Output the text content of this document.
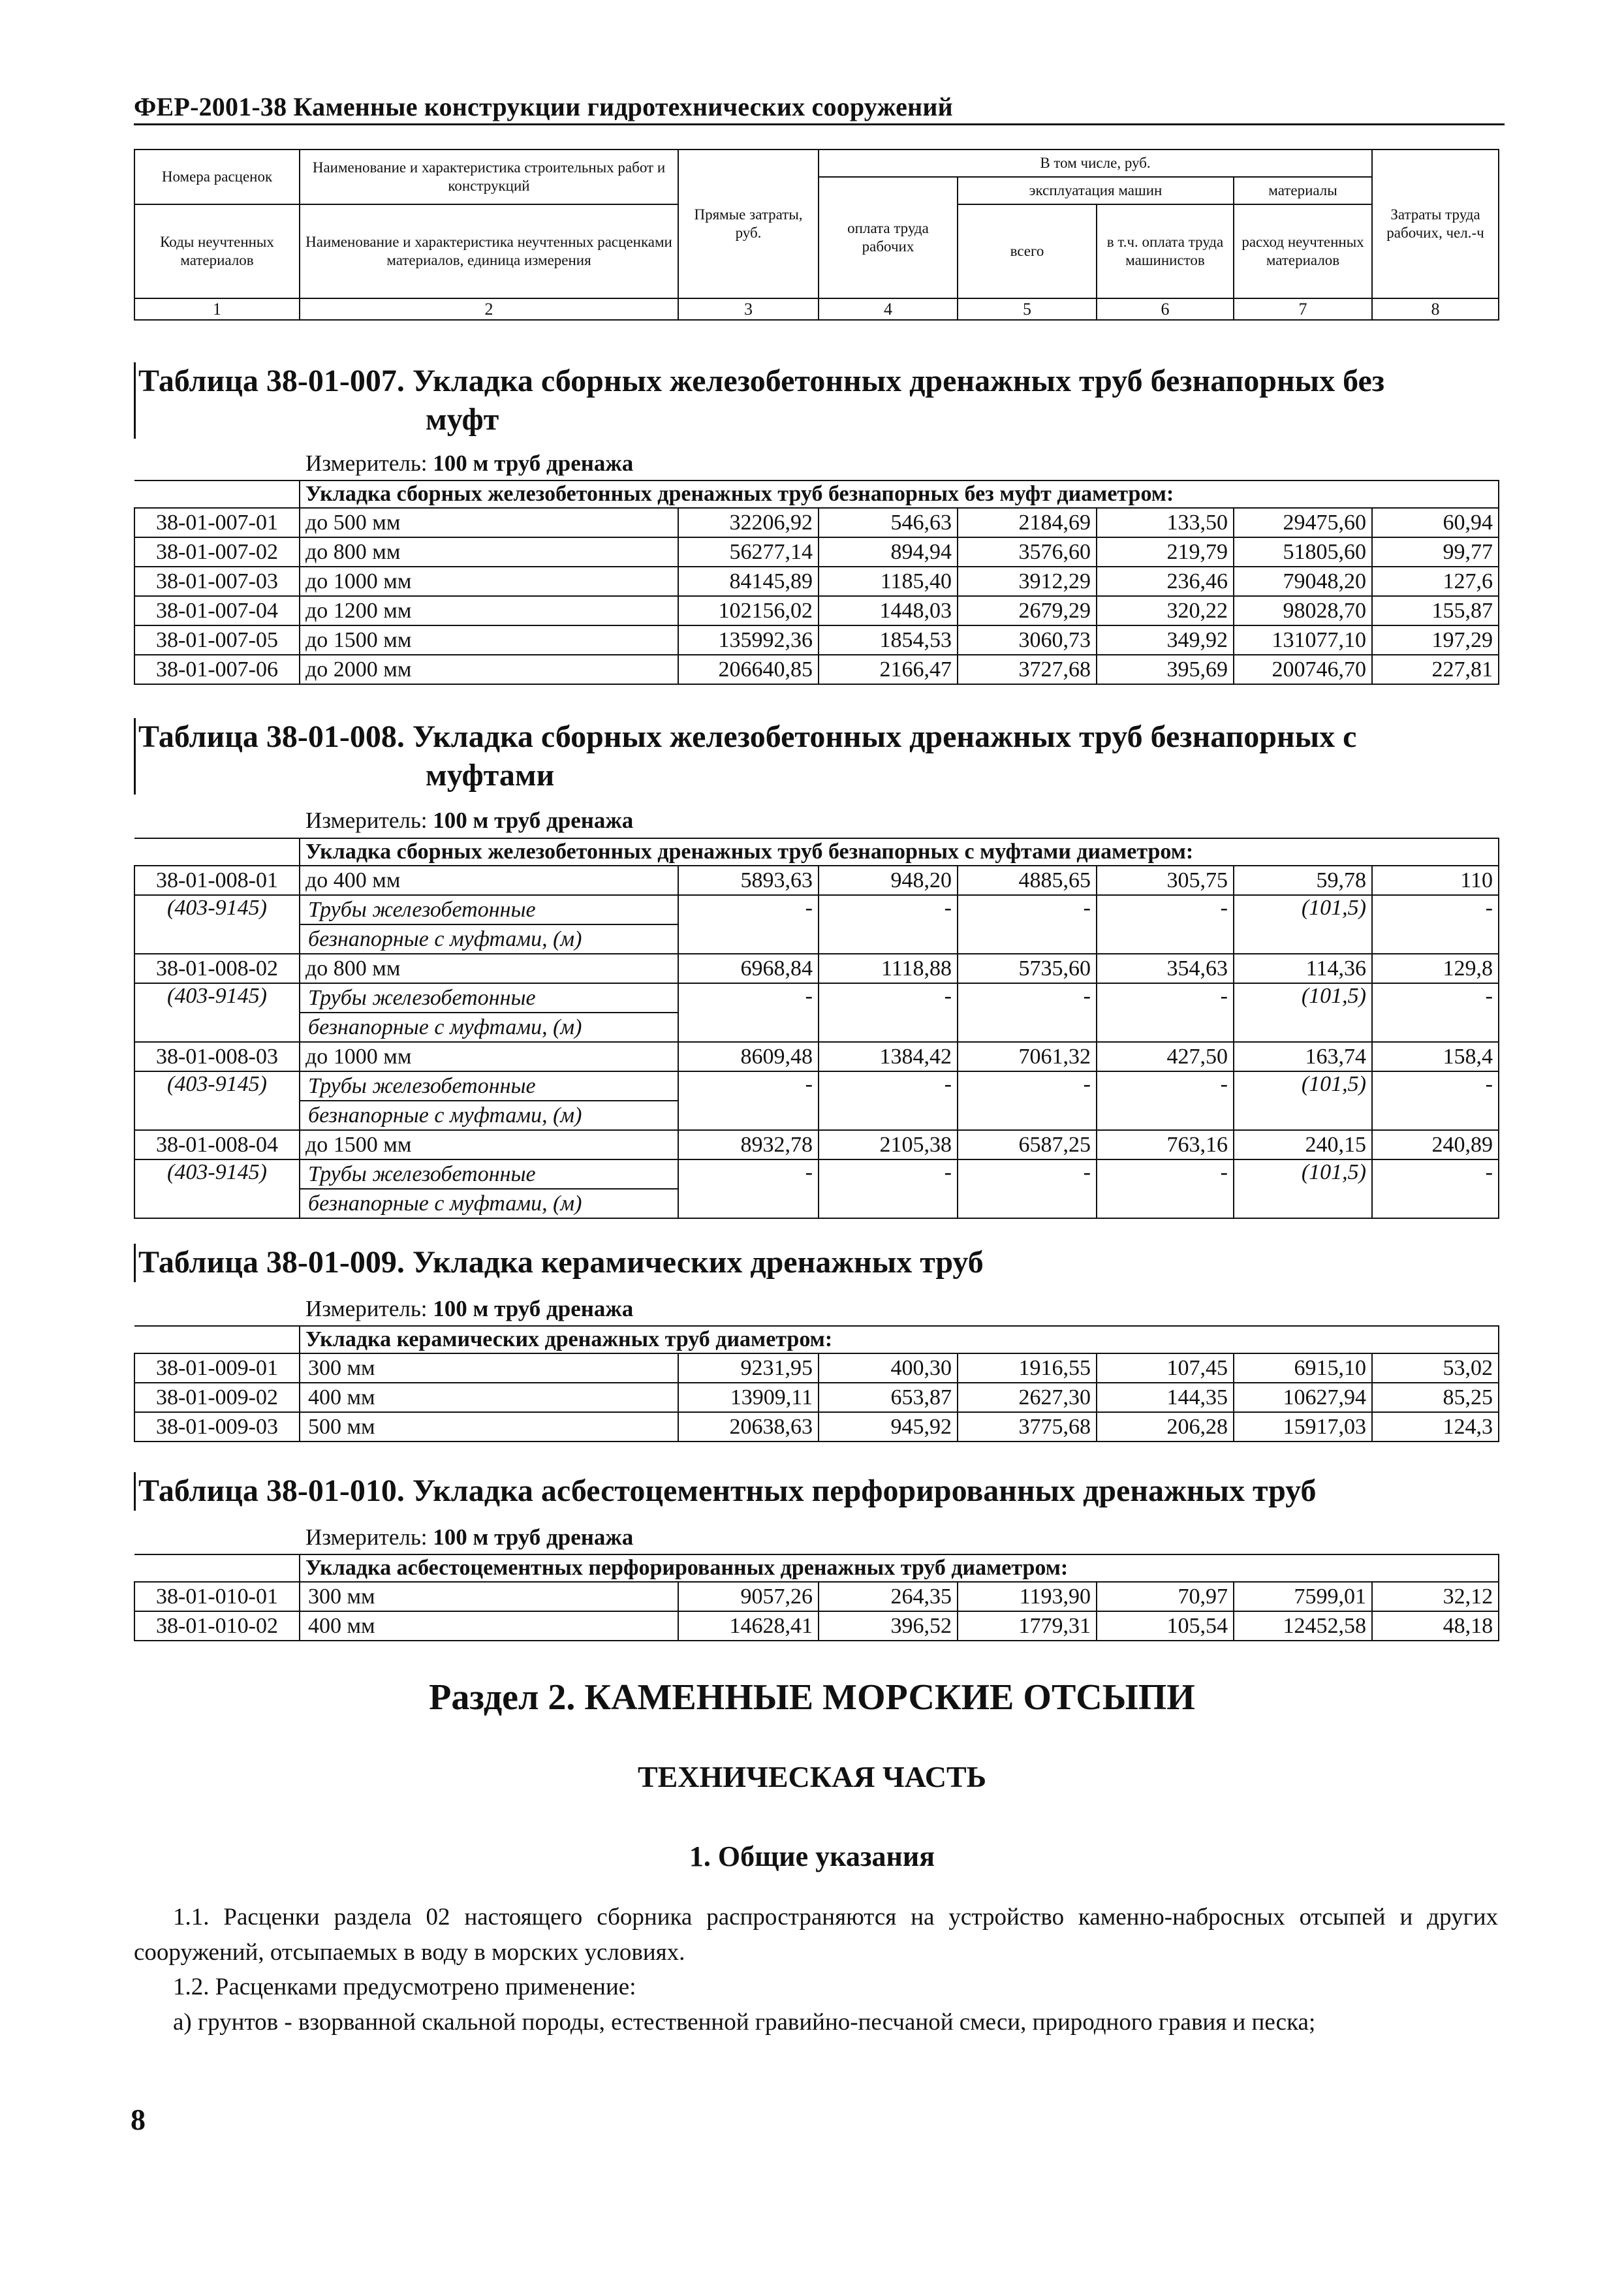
ФЕР-2001-38 Каменные конструкции гидротехнических сооружений
Номера расценок	Наименование и характеристика строительных работ и конструкций	Прямые затраты, руб.	В том числе, руб.				Затраты труда рабочих, чел.-ч
			оплата труда рабочих	эксплуатация машин		материалы	
Коды неучтенных материалов	Наименование и характеристика неучтенных расценками материалов, единица измерения			всего	в т.ч. оплата труда машинистов	расход неучтенных материалов	

1	2	3	4	5	6	7	8
Таблица 38-01-007. Укладка сборных железобетонных дренажных труб безнапорных без
муфт
Измеритель: 100 м труб дренажа
	Укладка сборных железобетонных дренажных труб безнапорных без муфт диаметром:						
38-01-007-01	до 500 мм	32206,92	546,63	2184,69	133,50	29475,60	60,94
38-01-007-02	до 800 мм	56277,14	894,94	3576,60	219,79	51805,60	99,77
38-01-007-03	до 1000 мм	84145,89	1185,40	3912,29	236,46	79048,20	127,6
38-01-007-04	до 1200 мм	102156,02	1448,03	2679,29	320,22	98028,70	155,87
38-01-007-05	до 1500 мм	135992,36	1854,53	3060,73	349,92	131077,10	197,29
38-01-007-06	до 2000 мм	206640,85	2166,47	3727,68	395,69	200746,70	227,81
Таблица 38-01-008. Укладка сборных железобетонных дренажных труб безнапорных с
муфтами
Измеритель: 100 м труб дренажа
	Укладка сборных железобетонных дренажных труб безнапорных с муфтами диаметром:						
38-01-008-01	до 400 мм	5893,63	948,20	4885,65	305,75	59,78	110
(403-9145)	Трубы железобетонные	-	-	-	-	(101,5)	-
	безнапорные с муфтами, (м)						
38-01-008-02	до 800 мм	6968,84	1118,88	5735,60	354,63	114,36	129,8
(403-9145)	Трубы железобетонные	-	-	-	-	(101,5)	-
	безнапорные с муфтами, (м)						
38-01-008-03	до 1000 мм	8609,48	1384,42	7061,32	427,50	163,74	158,4
(403-9145)	Трубы железобетонные	-	-	-	-	(101,5)	-
	безнапорные с муфтами, (м)						
38-01-008-04	до 1500 мм	8932,78	2105,38	6587,25	763,16	240,15	240,89
(403-9145)	Трубы железобетонные	-	-	-	-	(101,5)	-
	безнапорные с муфтами, (м)						
Таблица 38-01-009. Укладка керамических дренажных труб
Измеритель: 100 м труб дренажа
	Укладка керамических дренажных труб диаметром:						
38-01-009-01	300 мм	9231,95	400,30	1916,55	107,45	6915,10	53,02
38-01-009-02	400 мм	13909,11	653,87	2627,30	144,35	10627,94	85,25
38-01-009-03	500 мм	20638,63	945,92	3775,68	206,28	15917,03	124,3
Таблица 38-01-010. Укладка асбестоцементных перфорированных дренажных труб
Измеритель: 100 м труб дренажа
	Укладка асбестоцементных перфорированных дренажных труб диаметром:						
38-01-010-01	300 мм	9057,26	264,35	1193,90	70,97	7599,01	32,12
38-01-010-02	400 мм	14628,41	396,52	1779,31	105,54	12452,58	48,18
Раздел 2. КАМЕННЫЕ МОРСКИЕ ОТСЫПИ
ТЕХНИЧЕСКАЯ ЧАСТЬ
1. Общие указания
1.1. Расценки раздела 02 настоящего сборника распространяются на устройство каменно-набросных отсыпей и других сооружений, отсыпаемых в воду в морских условиях.
1.2. Расценками предусмотрено применение:
а) грунтов - взорванной скальной породы, естественной гравийно-песчаной смеси, природного гравия и песка;
8
